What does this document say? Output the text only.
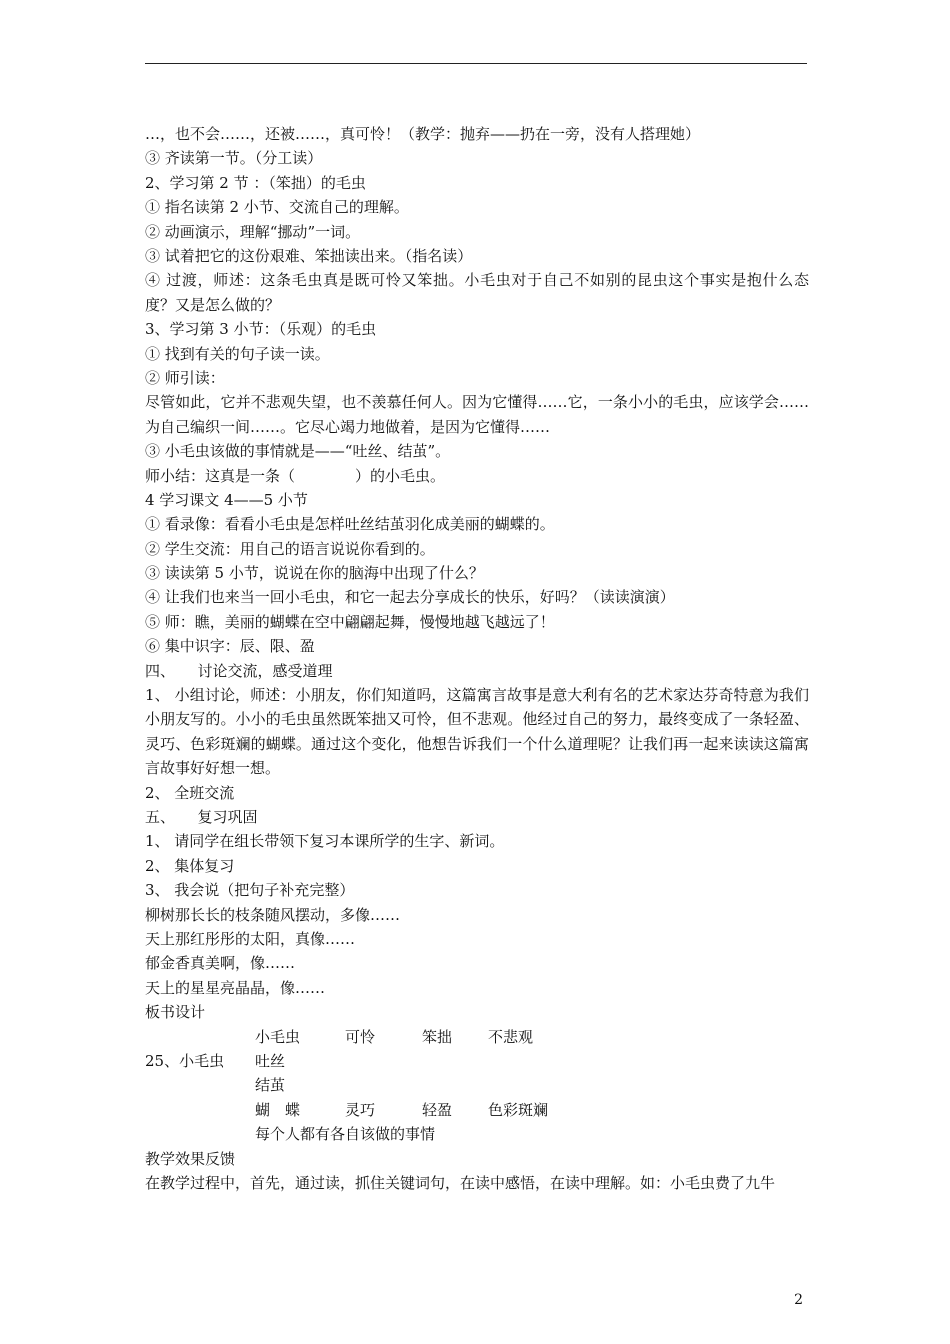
…，也不会……，还被……，真可怜！（教学：抛弃——扔在一旁，没有人搭理她）
③ 齐读第一节。（分工读）
2、学习第 2 节 ：（笨拙）的毛虫
① 指名读第 2 小节、交流自己的理解。
② 动画演示，理解“挪动”一词。
③ 试着把它的这份艰难、笨拙读出来。（指名读）
④ 过渡，师述：这条毛虫真是既可怜又笨拙。小毛虫对于自己不如别的昆虫这个事实是抱什么态度？又是怎么做的？
3、学习第 3 小节：（乐观）的毛虫
① 找到有关的句子读一读。
② 师引读：
尽管如此，它并不悲观失望，也不羡慕任何人。因为它懂得……它，一条小小的毛虫，应该学会……为自己编织一间……。它尽心竭力地做着，是因为它懂得……
③ 小毛虫该做的事情就是——“吐丝、结茧”。
师小结：这真是一条（　　　　）的小毛虫。
4 学习课文 4——5 小节
① 看录像：看看小毛虫是怎样吐丝结茧羽化成美丽的蝴蝶的。
② 学生交流：用自己的语言说说你看到的。
③ 读读第 5 小节，说说在你的脑海中出现了什么？
④ 让我们也来当一回小毛虫，和它一起去分享成长的快乐，好吗？（读读演演）
⑤ 师：瞧，美丽的蝴蝶在空中翩翩起舞，慢慢地越飞越远了！
⑥ 集中识字：辰、限、盈
四、　　讨论交流，感受道理
1、 小组讨论，师述：小朋友，你们知道吗，这篇寓言故事是意大利有名的艺术家达芬奇特意为我们小朋友写的。小小的毛虫虽然既笨拙又可怜，但不悲观。他经过自己的努力，最终变成了一条轻盈、灵巧、色彩斑斓的蝴蝶。通过这个变化，他想告诉我们一个什么道理呢？让我们再一起来读读这篇寓言故事好好想一想。
2、 全班交流
五、　　复习巩固
1、 请同学在组长带领下复习本课所学的生字、新词。
2、 集体复习
3、 我会说（把句子补充完整）
柳树那长长的枝条随风摆动，多像……
天上那红彤彤的太阳，真像……
郁金香真美啊，像……
天上的星星亮晶晶，像……
板书设计
小毛虫	可怜	笨拙 不悲观
25、小毛虫 吐丝
结茧
蝴　蝶	灵巧	轻盈 色彩斑斓
每个人都有各自该做的事情
教学效果反馈
在教学过程中，首先，通过读，抓住关键词句，在读中感悟，在读中理解。如：小毛虫费了九牛
2
